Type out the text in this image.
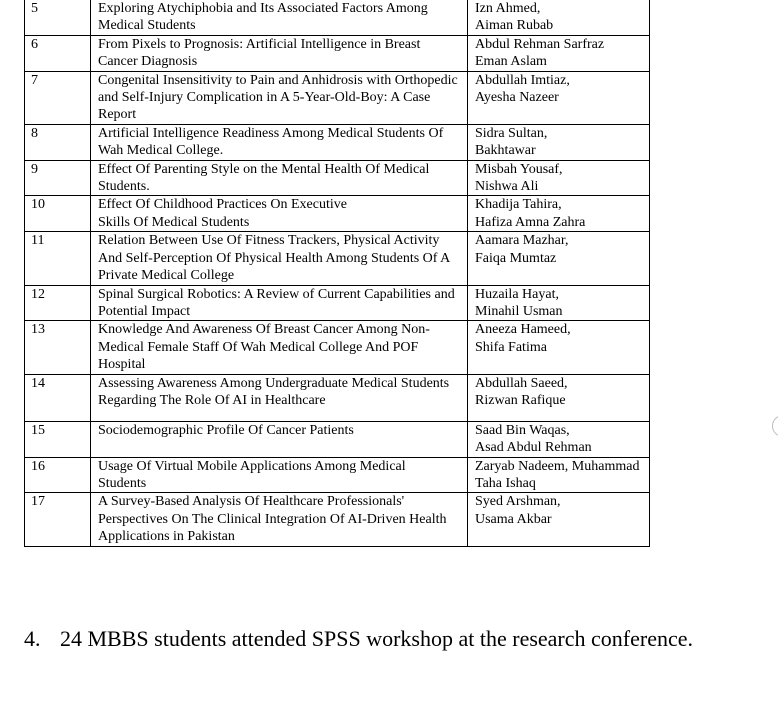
5	Exploring Atychiphobia and Its Associated Factors Among
Medical Students	Izn Ahmed,
Aiman Rubab

6	From Pixels to Prognosis: Artificial Intelligence in Breast
Cancer Diagnosis	Abdul Rehman Sarfraz
Eman Aslam

7	Congenital Insensitivity to Pain and Anhidrosis with Orthopedic
and Self-Injury Complication in A 5-Year-Old-Boy: A Case
Report	Abdullah Imtiaz,
Ayesha Nazeer

8	Artificial Intelligence Readiness Among Medical Students Of
Wah Medical College.	Sidra Sultan,
Bakhtawar

9	Effect Of Parenting Style on the Mental Health Of Medical
Students.	Misbah Yousaf,
Nishwa Ali

10	Effect Of Childhood Practices On Executive
Skills Of Medical Students	Khadija Tahira,
Hafiza Amna Zahra

11	Relation Between Use Of Fitness Trackers, Physical Activity
And Self-Perception Of Physical Health Among Students Of A
Private Medical College	Aamara Mazhar,
Faiqa Mumtaz

12	Spinal Surgical Robotics: A Review of Current Capabilities and
Potential Impact	Huzaila Hayat,
Minahil Usman

13	Knowledge And Awareness Of Breast Cancer Among Non-
Medical Female Staff Of Wah Medical College And POF
Hospital	Aneeza Hameed,
Shifa Fatima

14	Assessing Awareness Among Undergraduate Medical Students
Regarding The Role Of AI in Healthcare	Abdullah Saeed,
Rizwan Rafique

15	Sociodemographic Profile Of Cancer Patients	Saad Bin Waqas,
Asad Abdul Rehman

16	Usage Of Virtual Mobile Applications Among Medical
Students	Zaryab Nadeem, Muhammad
Taha Ishaq

17	A Survey-Based Analysis Of Healthcare Professionals'
Perspectives On The Clinical Integration Of AI-Driven Health
Applications in Pakistan	Syed Arshman,
Usama Akbar
4. 24 MBBS students attended SPSS workshop at the research conference.
